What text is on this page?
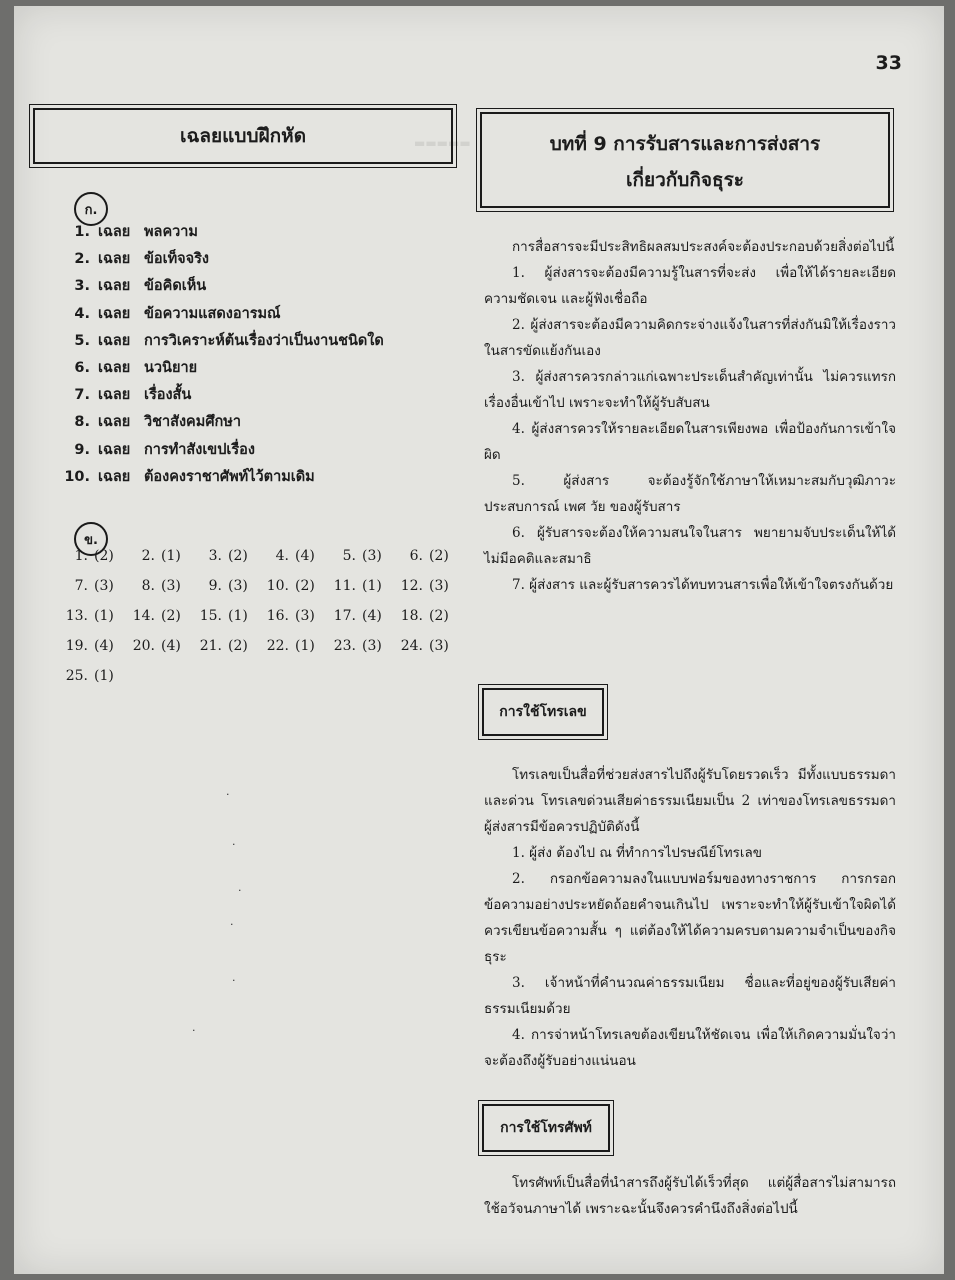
33
▬▬▬▬▬
เฉลยแบบฝึกหัด
ก.
1. เฉลย พลความ
2. เฉลย ข้อเท็จจริง
3. เฉลย ข้อคิดเห็น
4. เฉลย ข้อความแสดงอารมณ์
5. เฉลย การวิเคราะห์ต้นเรื่องว่าเป็นงานชนิดใด
6. เฉลย นวนิยาย
7. เฉลย เรื่องสั้น
8. เฉลย วิชาสังคมศึกษา
9. เฉลย การทำสังเขปเรื่อง
10. เฉลย ต้องคงราชาศัพท์ไว้ตามเดิม
ข.
1. (2) 2. (1) 3. (2) 4. (4) 5. (3) 6. (2)
7. (3) 8. (3) 9. (3) 10. (2) 11. (1) 12. (3)
13. (1) 14. (2) 15. (1) 16. (3) 17. (4) 18. (2)
19. (4) 20. (4) 21. (2) 22. (1) 23. (3) 24. (3)
25. (1)
·
·
·
·
·
·
บทที่ 9 การรับสารและการส่งสาร
เกี่ยวกับกิจธุระ

การสื่อสารจะมีประสิทธิผลสมประสงค์จะต้องประกอบด้วยสิ่งต่อไปนี้

1. ผู้ส่งสารจะต้องมีความรู้ในสารที่จะส่ง เพื่อให้ได้รายละเอียดความชัดเจน และผู้ฟังเชื่อถือ

2. ผู้ส่งสารจะต้องมีความคิดกระจ่างแจ้งในสารที่ส่งกันมิให้เรื่องราวในสารขัดแย้งกันเอง

3. ผู้ส่งสารควรกล่าวแก่เฉพาะประเด็นสำคัญเท่านั้น ไม่ควรแทรกเรื่องอื่นเข้าไป เพราะจะทำให้ผู้รับสับสน

4. ผู้ส่งสารควรให้รายละเอียดในสารเพียงพอ เพื่อป้องกันการเข้าใจผิด

5. ผู้ส่งสาร จะต้องรู้จักใช้ภาษาให้เหมาะสมกับวุฒิภาวะ ประสบการณ์ เพศ วัย ของผู้รับสาร

6. ผู้รับสารจะต้องให้ความสนใจในสาร พยายามจับประเด็นให้ได้ไม่มีอคติและสมาธิ

7. ผู้ส่งสาร และผู้รับสารควรได้ทบทวนสารเพื่อให้เข้าใจตรงกันด้วย

การใช้โทรเลข

โทรเลขเป็นสื่อที่ช่วยส่งสารไปถึงผู้รับโดยรวดเร็ว มีทั้งแบบธรรมดา และด่วน โทรเลขด่วนเสียค่าธรรมเนียมเป็น 2 เท่าของโทรเลขธรรมดา ผู้ส่งสารมีข้อควรปฏิบัติดังนี้

1. ผู้ส่ง ต้องไป ณ ที่ทำการไปรษณีย์โทรเลข

2. กรอกข้อความลงในแบบฟอร์มของทางราชการ การกรอกข้อความอย่างประหยัดถ้อยคำจนเกินไป เพราะจะทำให้ผู้รับเข้าใจผิดได้ควรเขียนข้อความสั้น ๆ แต่ต้องให้ได้ความครบตามความจำเป็นของกิจธุระ

3. เจ้าหน้าที่คำนวณค่าธรรมเนียม ชื่อและที่อยู่ของผู้รับเสียค่าธรรมเนียมด้วย

4. การจ่าหน้าโทรเลขต้องเขียนให้ชัดเจน เพื่อให้เกิดความมั่นใจว่าจะต้องถึงผู้รับอย่างแน่นอน

การใช้โทรศัพท์

โทรศัพท์เป็นสื่อที่นำสารถึงผู้รับได้เร็วที่สุด แต่ผู้สื่อสารไม่สามารถใช้อวัจนภาษาได้ เพราะฉะนั้นจึงควรคำนึงถึงสิ่งต่อไปนี้
